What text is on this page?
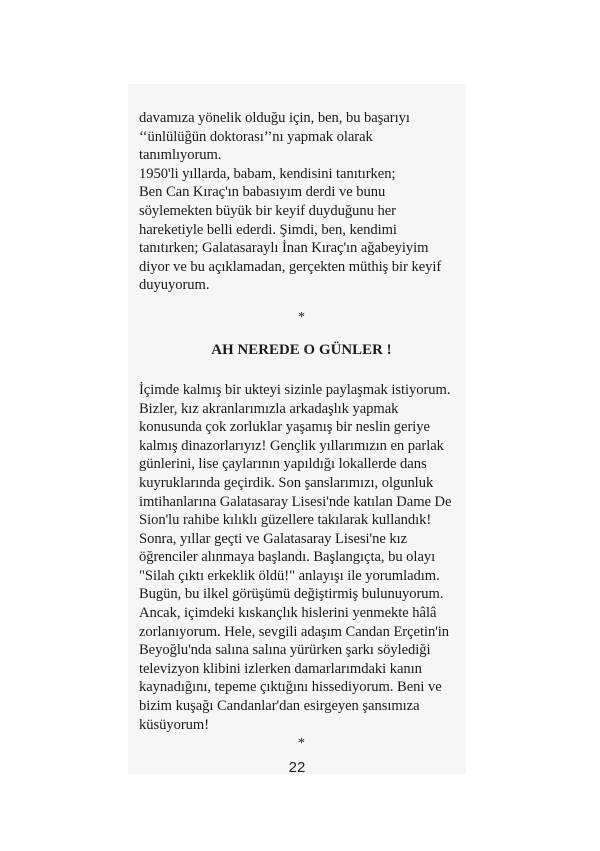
davamıza yönelik olduğu için, ben, bu başarıyı
‘‘ünlülüğün doktorası’’nı yapmak olarak
tanımlıyorum.
1950'li yıllarda, babam, kendisini tanıtırken;
Ben Can Kıraç'ın babasıyım derdi ve bunu
söylemekten büyük bir keyif duyduğunu her
hareketiyle belli ederdi. Şimdi, ben, kendimi
tanıtırken; Galatasaraylı İnan Kıraç'ın ağabeyiyim
diyor ve bu açıklamadan, gerçekten müthiş bir keyif
duyuyorum.
*
AH NEREDE O GÜNLER !
İçimde kalmış bir ukteyi sizinle paylaşmak istiyorum.
Bizler, kız akranlarımızla arkadaşlık yapmak
konusunda çok zorluklar yaşamış bir neslin geriye
kalmış dinazorlarıyız! Gençlik yıllarımızın en parlak
günlerini, lise çaylarının yapıldığı lokallerde dans
kuyruklarında geçirdik. Son şanslarımızı, olgunluk
imtihanlarına Galatasaray Lisesi'nde katılan Dame De
Sion'lu rahibe kılıklı güzellere takılarak kullandık!
Sonra, yıllar geçti ve Galatasaray Lisesi'ne kız
öğrenciler alınmaya başlandı. Başlangıçta, bu olayı
"Silah çıktı erkeklik öldü!" anlayışı ile yorumladım.
Bugün, bu ilkel görüşümü değiştirmiş bulunuyorum.
Ancak, içimdeki kıskançlık hislerini yenmekte hâlâ
zorlanıyorum. Hele, sevgili adaşım Candan Erçetin'in
Beyoğlu'nda salına salına yürürken şarkı söylediği
televizyon klibini izlerken damarlarımdaki kanın
kaynadığını, tepeme çıktığını hissediyorum. Beni ve
bizim kuşağı Candanlar'dan esirgeyen şansımıza
küsüyorum!
*
22
